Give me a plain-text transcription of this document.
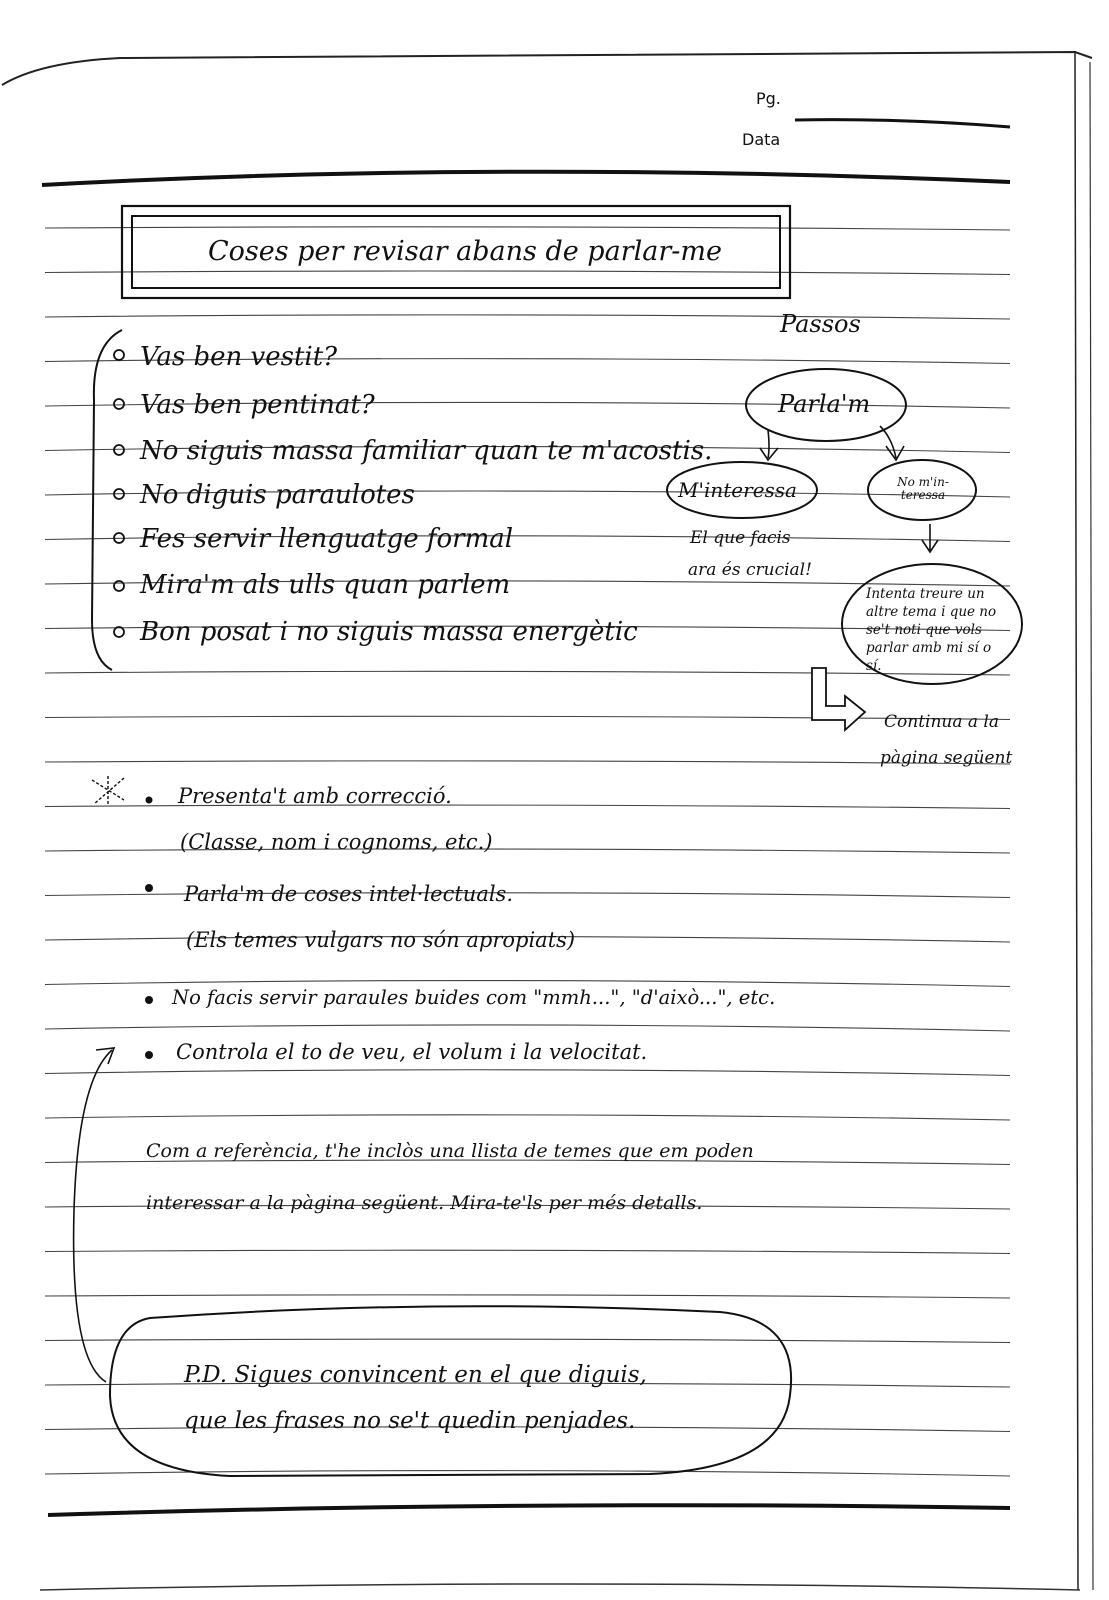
Pg.
Data
Coses per revisar abans de parlar-me
Vas ben vestit?
Vas ben pentinat?
No siguis massa familiar quan te m'acostis.
No diguis paraulotes
Fes servir llenguatge formal
Mira'm als ulls quan parlem
Bon posat i no siguis massa energètic
Passos
Parla'm
M'interessa	No m'in-
teressa
El que facis
ara és crucial!
Intenta treure un altre tema i que no se't noti que vols parlar amb mi sí o sí.
Continua a la
pàgina següent
Presenta't amb correcció.
(Classe, nom i cognoms, etc.)
Parla'm de coses intel·lectuals.
(Els temes vulgars no són apropiats)
No facis servir paraules buides com "mmh...", "d'això...", etc.
Controla el to de veu, el volum i la velocitat.
Com a referència, t'he inclòs una llista de temes que em poden
interessar a la pàgina següent. Mira-te'ls per més detalls.
P.D. Sigues convincent en el que diguis,
que les frases no se't quedin penjades.
